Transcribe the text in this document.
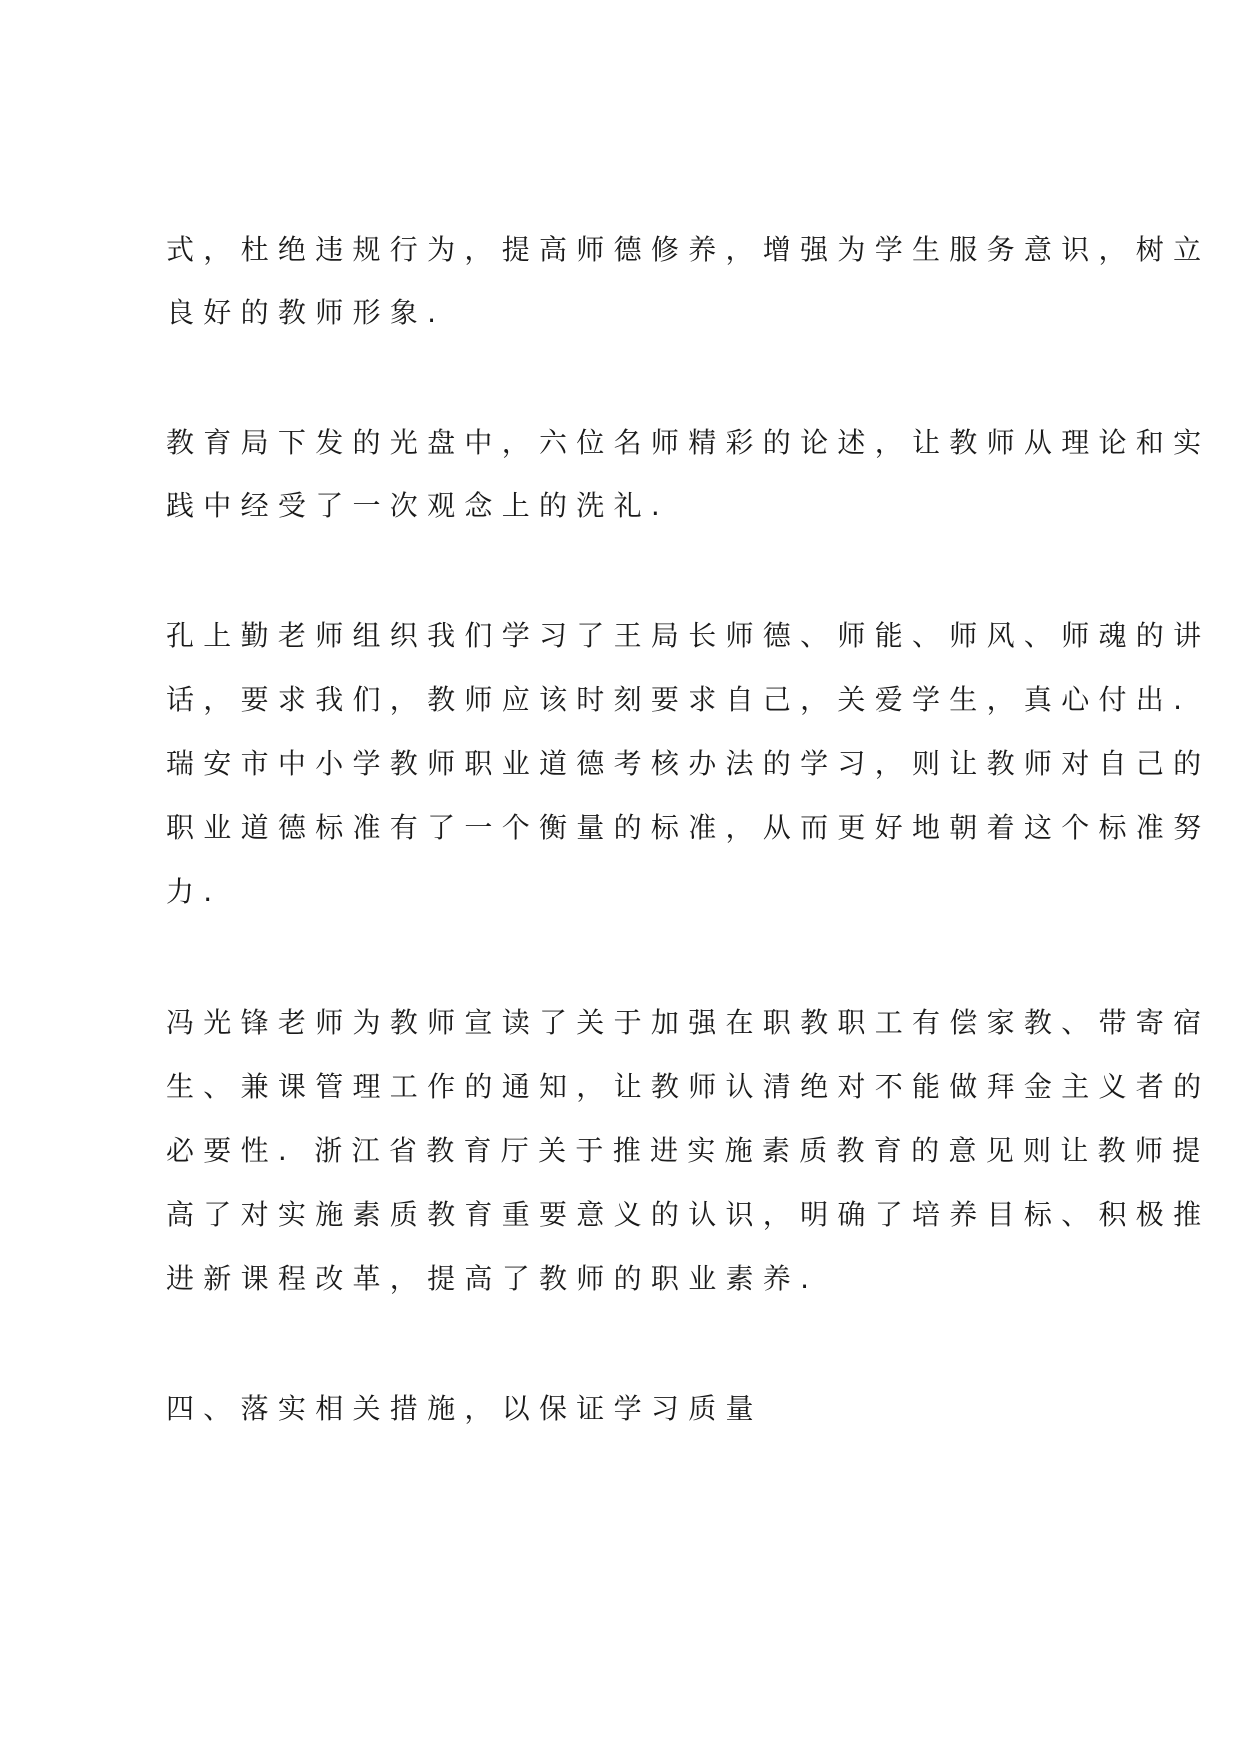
式，杜绝违规行为，提高师德修养，增强为学生服务意识，树立
良好的教师形象.
教育局下发的光盘中，六位名师精彩的论述，让教师从理论和实
践中经受了一次观念上的洗礼.
孔上勤老师组织我们学习了王局长师德、师能、师风、师魂的讲
话，要求我们，教师应该时刻要求自己，关爱学生，真心付出.
瑞安市中小学教师职业道德考核办法的学习，则让教师对自己的
职业道德标准有了一个衡量的标准，从而更好地朝着这个标准努
力.
冯光锋老师为教师宣读了关于加强在职教职工有偿家教、带寄宿
生、兼课管理工作的通知，让教师认清绝对不能做拜金主义者的
必要性. 浙江省教育厅关于推进实施素质教育的意见则让教师提
高了对实施素质教育重要意义的认识，明确了培养目标、积极推
进新课程改革，提高了教师的职业素养.
四、落实相关措施，以保证学习质量
